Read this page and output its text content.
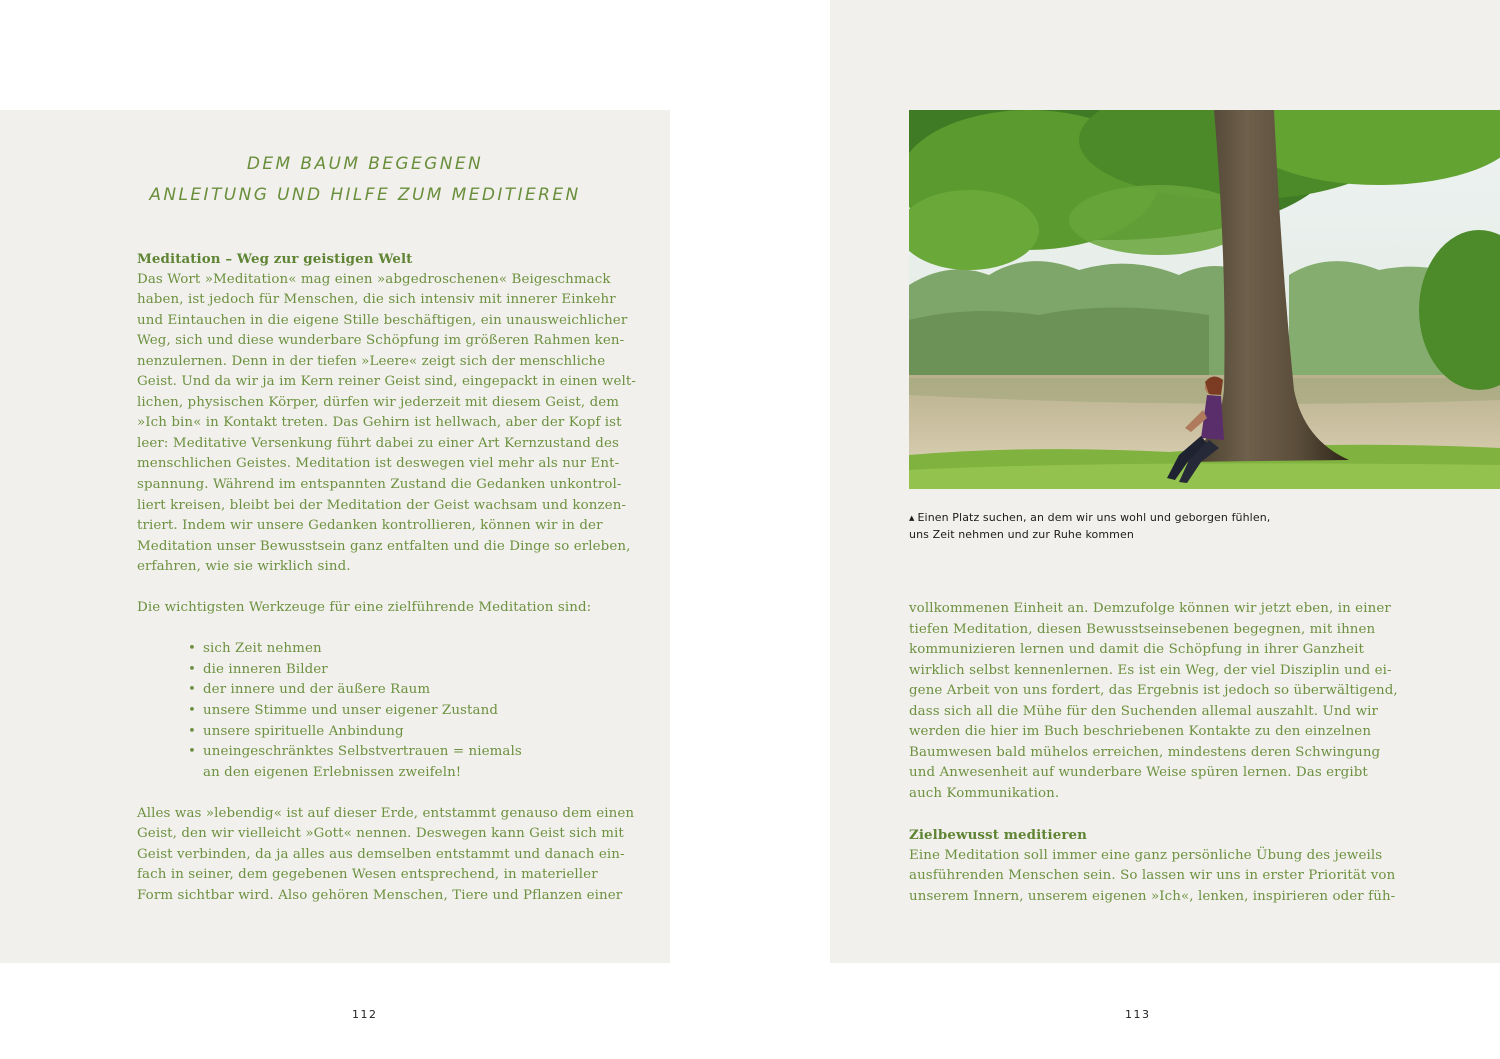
DEM BAUM BEGEGNEN
ANLEITUNG UND HILFE ZUM MEDITIEREN
Meditation – Weg zur geistigen Welt
Das Wort »Meditation« mag einen »abgedroschenen« Beigeschmack
haben, ist jedoch für Menschen, die sich intensiv mit innerer Einkehr
und Eintauchen in die eigene Stille beschäftigen, ein unausweichlicher
Weg, sich und diese wunderbare Schöpfung im größeren Rahmen ken-
nenzulernen. Denn in der tiefen »Leere« zeigt sich der menschliche
Geist. Und da wir ja im Kern reiner Geist sind, eingepackt in einen welt-
lichen, physischen Körper, dürfen wir jederzeit mit diesem Geist, dem
»Ich bin« in Kontakt treten. Das Gehirn ist hellwach, aber der Kopf ist
leer: Meditative Versenkung führt dabei zu einer Art Kernzustand des
menschlichen Geistes. Meditation ist deswegen viel mehr als nur Ent-
spannung. Während im entspannten Zustand die Gedanken unkontrol-
liert kreisen, bleibt bei der Meditation der Geist wachsam und konzen-
triert. Indem wir unsere Gedanken kontrollieren, können wir in der
Meditation unser Bewusstsein ganz entfalten und die Dinge so erleben,
erfahren, wie sie wirklich sind.
Die wichtigsten Werkzeuge für eine zielführende Meditation sind:
• sich Zeit nehmen
• die inneren Bilder
• der innere und der äußere Raum
• unsere Stimme und unser eigener Zustand
• unsere spirituelle Anbindung
• uneingeschränktes Selbstvertrauen = niemals
an den eigenen Erlebnissen zweifeln!
Alles was »lebendig« ist auf dieser Erde, entstammt genauso dem einen
Geist, den wir vielleicht »Gott« nennen. Deswegen kann Geist sich mit
Geist verbinden, da ja alles aus demselben entstammt und danach ein-
fach in seiner, dem gegebenen Wesen entsprechend, in materieller
Form sichtbar wird. Also gehören Menschen, Tiere und Pflanzen einer
▲ Einen Platz suchen, an dem wir uns wohl und geborgen fühlen,
uns Zeit nehmen und zur Ruhe kommen
vollkommenen Einheit an. Demzufolge können wir jetzt eben, in einer
tiefen Meditation, diesen Bewusstseinsebenen begegnen, mit ihnen
kommunizieren lernen und damit die Schöpfung in ihrer Ganzheit
wirklich selbst kennenlernen. Es ist ein Weg, der viel Disziplin und ei-
gene Arbeit von uns fordert, das Ergebnis ist jedoch so überwältigend,
dass sich all die Mühe für den Suchenden allemal auszahlt. Und wir
werden die hier im Buch beschriebenen Kontakte zu den einzelnen
Baumwesen bald mühelos erreichen, mindestens deren Schwingung
und Anwesenheit auf wunderbare Weise spüren lernen. Das ergibt
auch Kommunikation.
Zielbewusst meditieren
Eine Meditation soll immer eine ganz persönliche Übung des jeweils
ausführenden Menschen sein. So lassen wir uns in erster Priorität von
unserem Innern, unserem eigenen »Ich«, lenken, inspirieren oder füh-
112	113
